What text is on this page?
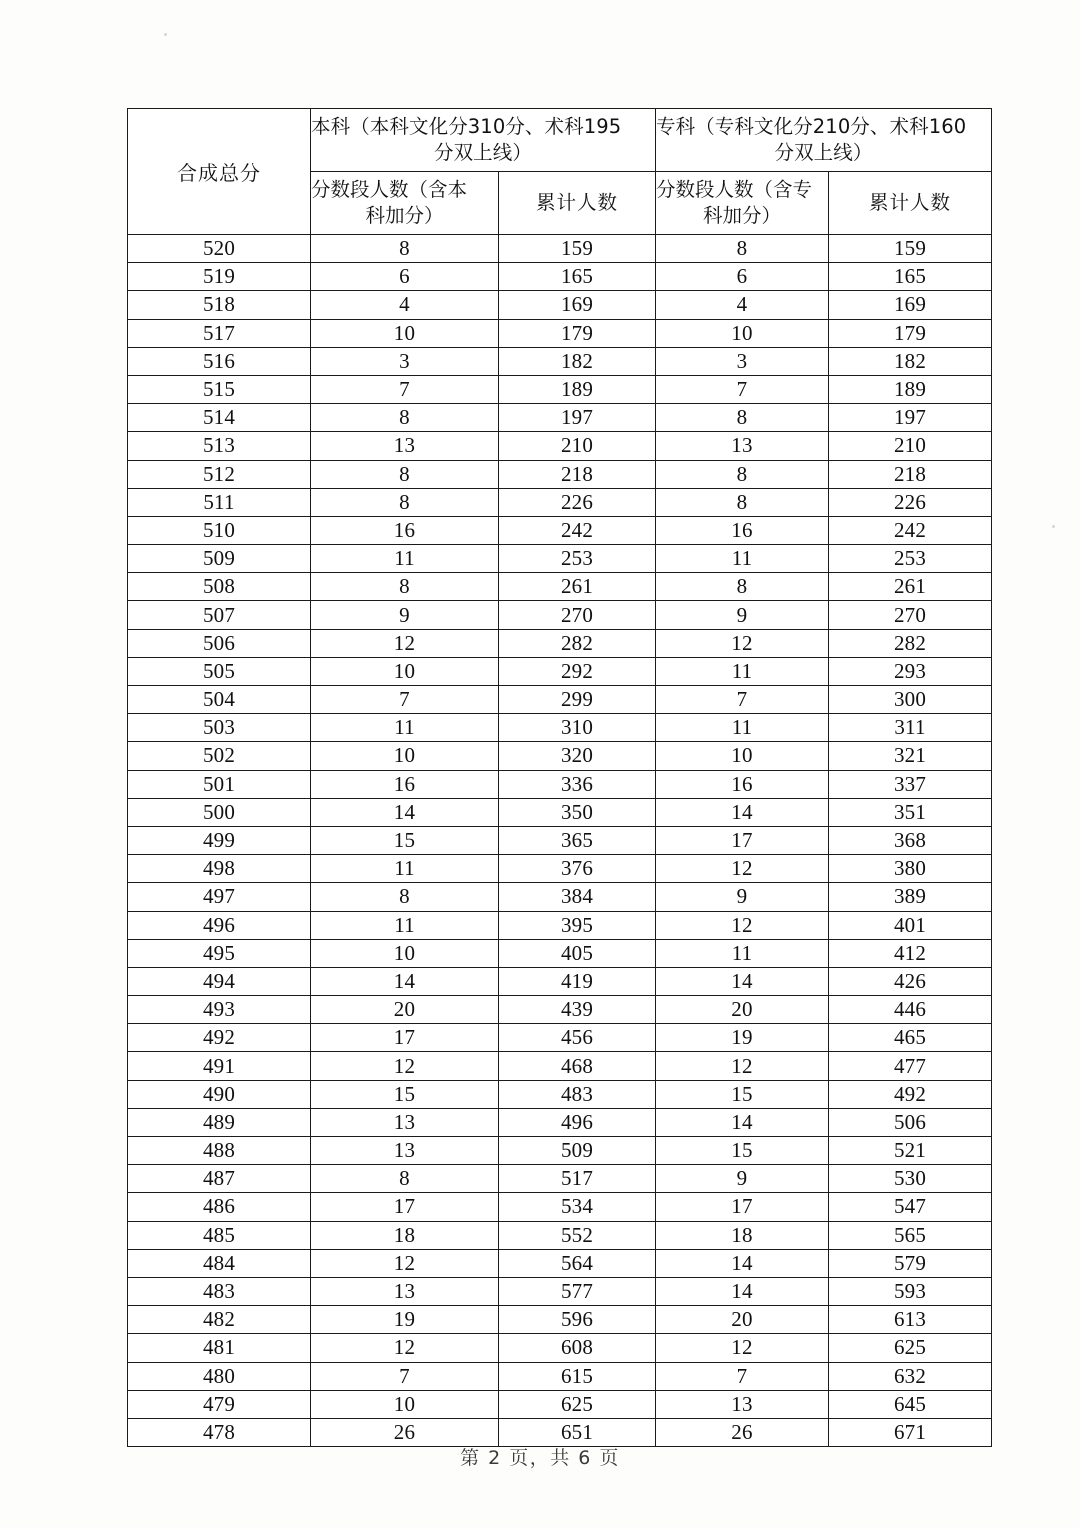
合成总分	本科（本科文化分310分、术科195
分双上线）		专科（专科文化分210分、术科160
分双上线）	

	分数段人数（含本
科加分）	累计人数	分数段人数（含专
科加分）	累计人数
520	8	159	8	159
519	6	165	6	165
518	4	169	4	169
517	10	179	10	179
516	3	182	3	182
515	7	189	7	189
514	8	197	8	197
513	13	210	13	210
512	8	218	8	218
511	8	226	8	226
510	16	242	16	242
509	11	253	11	253
508	8	261	8	261
507	9	270	9	270
506	12	282	12	282
505	10	292	11	293
504	7	299	7	300
503	11	310	11	311
502	10	320	10	321
501	16	336	16	337
500	14	350	14	351
499	15	365	17	368
498	11	376	12	380
497	8	384	9	389
496	11	395	12	401
495	10	405	11	412
494	14	419	14	426
493	20	439	20	446
492	17	456	19	465
491	12	468	12	477
490	15	483	15	492
489	13	496	14	506
488	13	509	15	521
487	8	517	9	530
486	17	534	17	547
485	18	552	18	565
484	12	564	14	579
483	13	577	14	593
482	19	596	20	613
481	12	608	12	625
480	7	615	7	632
479	10	625	13	645
478	26	651	26	671
第 2 页，共 6 页
